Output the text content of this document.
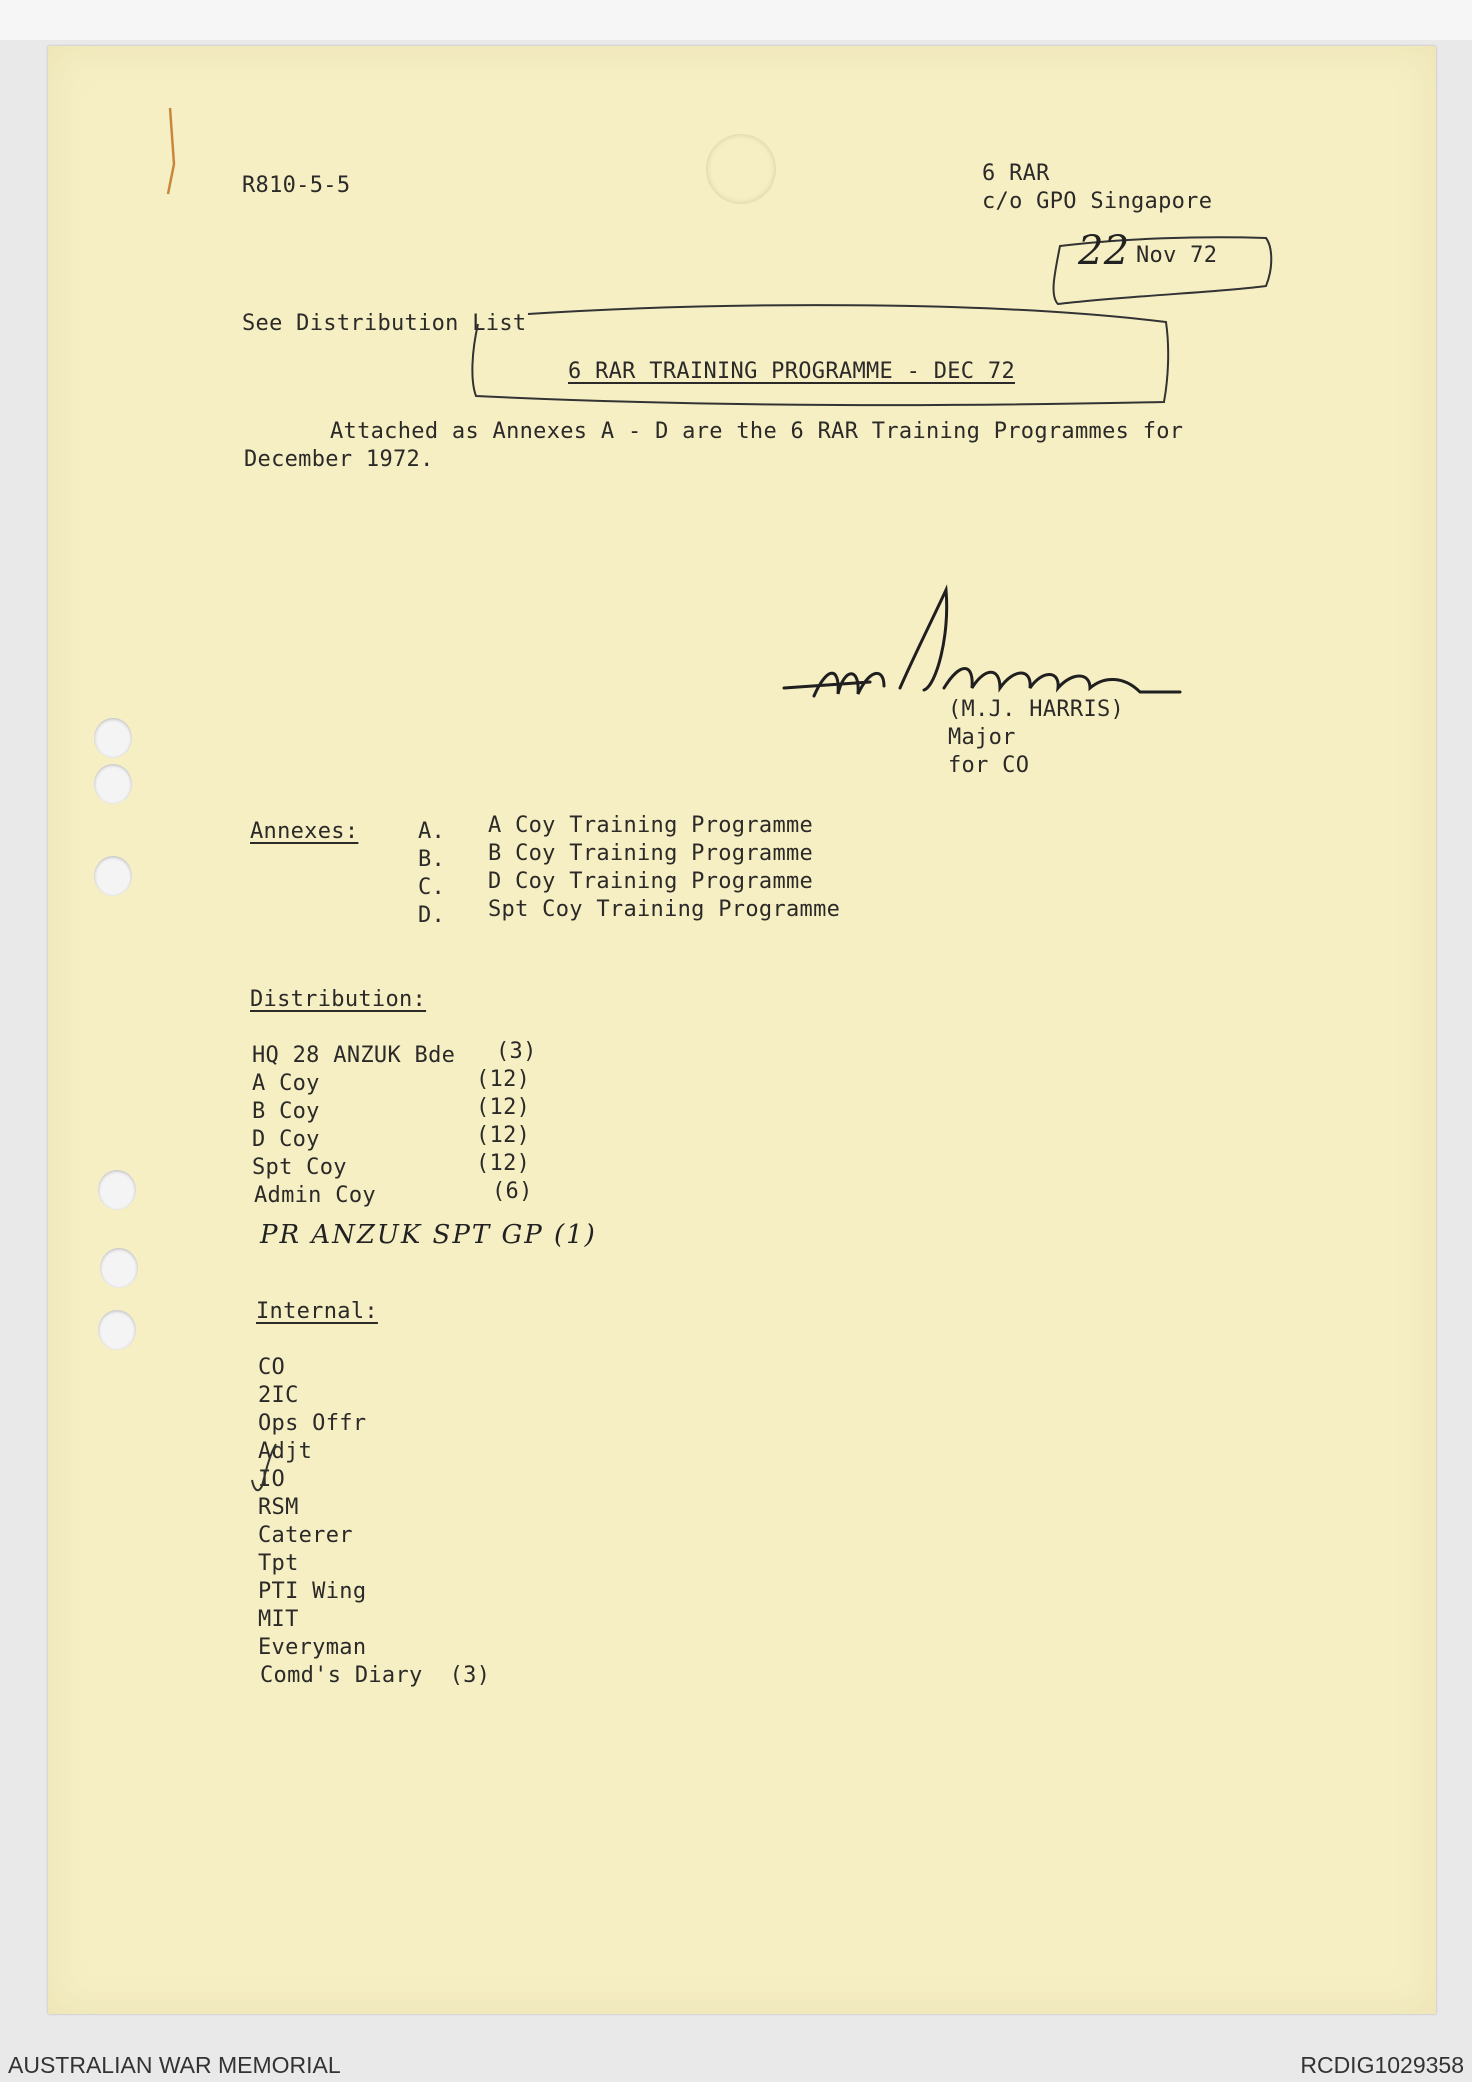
R810-5-5	6 RAR
c/o GPO Singapore
22 Nov 72
See Distribution List
6 RAR TRAINING PROGRAMME - DEC 72
Attached as Annexes A - D are the 6 RAR Training Programmes for
December 1972.
(M.J. HARRIS)
Major
for CO
Annexes:	A. A Coy Training Programme
B. B Coy Training Programme
C. D Coy Training Programme
D. Spt Coy Training Programme
Distribution:
HQ 28 ANZUK Bde (3)
A Coy	(12)
B Coy	(12)
D Coy	(12)
Spt Coy	(12)
Admin Coy	(6)
PR ANZUK SPT GP (1)
Internal:
CO
2IC
Ops Offr
Adjt
IO
RSM
Caterer
Tpt
PTI Wing
MIT
Everyman
Comd's Diary  (3)
AUSTRALIAN WAR MEMORIAL	RCDIG1029358
